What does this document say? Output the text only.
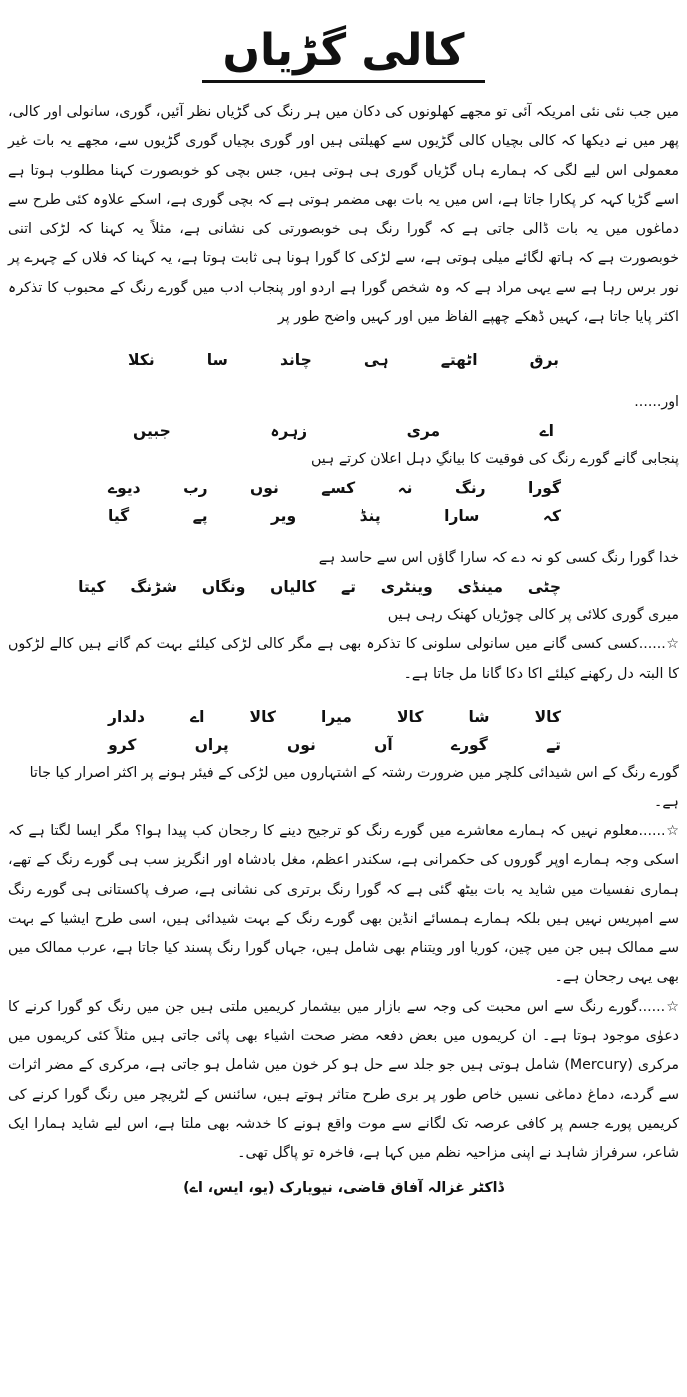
کالی گڑیاں

میں جب نئی نئی امریکہ آئی تو مجھے کھلونوں کی دکان میں ہر رنگ کی گڑیاں نظر آئیں، گوری، سانولی اور کالی، پھر میں نے دیکھا کہ کالی بچیاں کالی گڑیوں سے کھیلتی ہیں اور گوری بچیاں گوری گڑیوں سے، مجھے یہ بات غیر معمولی اس لیے لگی کہ ہمارے ہاں گڑیاں گوری ہی ہوتی ہیں، جس بچی کو خوبصورت کہنا مطلوب ہوتا ہے اسے گڑیا کہہ کر پکارا جاتا ہے، اس میں یہ بات بھی مضمر ہوتی ہے کہ بچی گوری ہے، اسکے علاوہ کئی طرح سے دماغوں میں یہ بات ڈالی جاتی ہے کہ گورا رنگ ہی خوبصورتی کی نشانی ہے، مثلاً یہ کہنا کہ لڑکی اتنی خوبصورت ہے کہ ہاتھ لگائے میلی ہوتی ہے، سے لڑکی کا گورا ہونا ہی ثابت ہوتا ہے، یہ کہنا کہ فلاں کے چہرے پر نور برس رہا ہے سے یہی مراد ہے کہ وہ شخص گورا ہے اردو اور پنجاب ادب میں گورے رنگ کے محبوب کا تذکرہ اکثر پایا جاتا ہے، کہیں ڈھکے چھپے الفاظ میں اور کہیں واضح طور پر

برق
اٹھتے
ہی
چاند
سا
نکلا

اور......

اے
مری
زہرہ
جبیں

پنجابی گانے گورے رنگ کی فوقیت کا بیانگِ دہل اعلان کرتے ہیں

گورا
رنگ
نہ
کسے
نوں
رب
دیوے
کہ
سارا
پنڈ
ویر
پے
گیا

خدا گورا رنگ کسی کو نہ دے کہ سارا گاؤں اس سے حاسد ہے

چٹی
مینڈی
وینٹری
تے
کالیاں
ونگاں
شڑنگ
کیتا

میری گوری کلائی پر کالی چوڑیاں کھنک رہی ہیں

☆......کسی کسی گانے میں سانولی سلونی کا تذکرہ بھی ہے مگر کالی لڑکی کیلئے بہت کم گانے ہیں کالے لڑکوں کا البتہ دل رکھنے کیلئے اکا دکا گانا مل جاتا ہے۔

کالا
شا
کالا
میرا
کالا
اے
دلدار
تے
گورے
آں
نوں
پراں
کرو

گورے رنگ کے اس شیدائی کلچر میں ضرورت رشتہ کے اشتہاروں میں لڑکی کے فیئر ہونے پر اکثر اصرار کیا جاتا ہے۔

☆......معلوم نہیں کہ ہمارے معاشرے میں گورے رنگ کو ترجیح دینے کا رجحان کب پیدا ہوا؟ مگر ایسا لگتا ہے کہ اسکی وجہ ہمارے اوپر گوروں کی حکمرانی ہے، سکندر اعظم، مغل بادشاہ اور انگریز سب ہی گورے رنگ کے تھے، ہماری نفسیات میں شاید یہ بات بیٹھ گئی ہے کہ گورا رنگ برتری کی نشانی ہے، صرف پاکستانی ہی گورے رنگ سے امپریس نہیں ہیں بلکہ ہمارے ہمسائے انڈین بھی گورے رنگ کے بہت شیدائی ہیں، اسی طرح ایشیا کے بہت سے ممالک ہیں جن میں چین، کوریا اور ویتنام بھی شامل ہیں، جہاں گورا رنگ پسند کیا جاتا ہے، عرب ممالک میں بھی یہی رجحان ہے۔

☆......گورے رنگ سے اس محبت کی وجہ سے بازار میں بیشمار کریمیں ملتی ہیں جن میں رنگ کو گورا کرنے کا دعوٰی موجود ہوتا ہے۔ ان کریموں میں بعض دفعہ مضر صحت اشیاء بھی پائی جاتی ہیں مثلاً کئی کریموں میں مرکری (Mercury) شامل ہوتی ہیں جو جلد سے حل ہو کر خون میں شامل ہو جاتی ہے، مرکری کے مضر اثرات سے گردے، دماغ دماغی نسیں خاص طور پر بری طرح متاثر ہوتے ہیں، سائنس کے لٹریچر میں رنگ گورا کرنے کی کریمیں پورے جسم پر کافی عرصہ تک لگانے سے موت واقع ہونے کا خدشہ بھی ملتا ہے، اس لیے شاید ہمارا ایک شاعر، سرفراز شاہد نے اپنی مزاحیہ نظم میں کہا ہے، فاخرہ تو پاگل تھی۔

ڈاکٹر غزالہ آفاق قاضی، نیویارک (یو، ایس، اے)
